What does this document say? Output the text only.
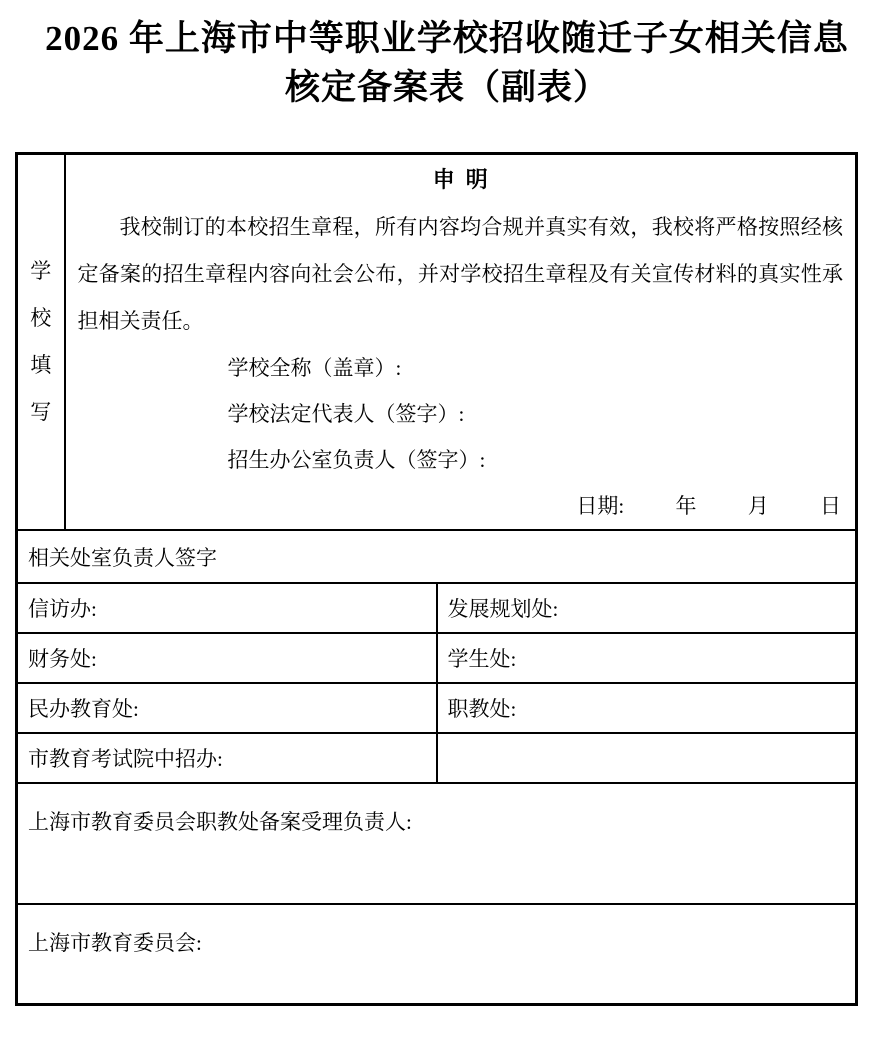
2026 年上海市中等职业学校招收随迁子女相关信息
核定备案表（副表）
学
校
填
写

申  明

我校制订的本校招生章程，所有内容均合规并真实有效，我校将严格按照经核定备案的招生章程内容向社会公布，并对学校招生章程及有关宣传材料的真实性承担相关责任。

学校全称（盖章）:
学校法定代表人（签字）:
招生办公室负责人（签字）:
日期: 年 月 日

相关处室负责人签字		
信访办:		发展规划处:
财务处:		学生处:
民办教育处:		职教处:
市教育考试院中招办:		
上海市教育委员会职教处备案受理负责人:		
上海市教育委员会:		
